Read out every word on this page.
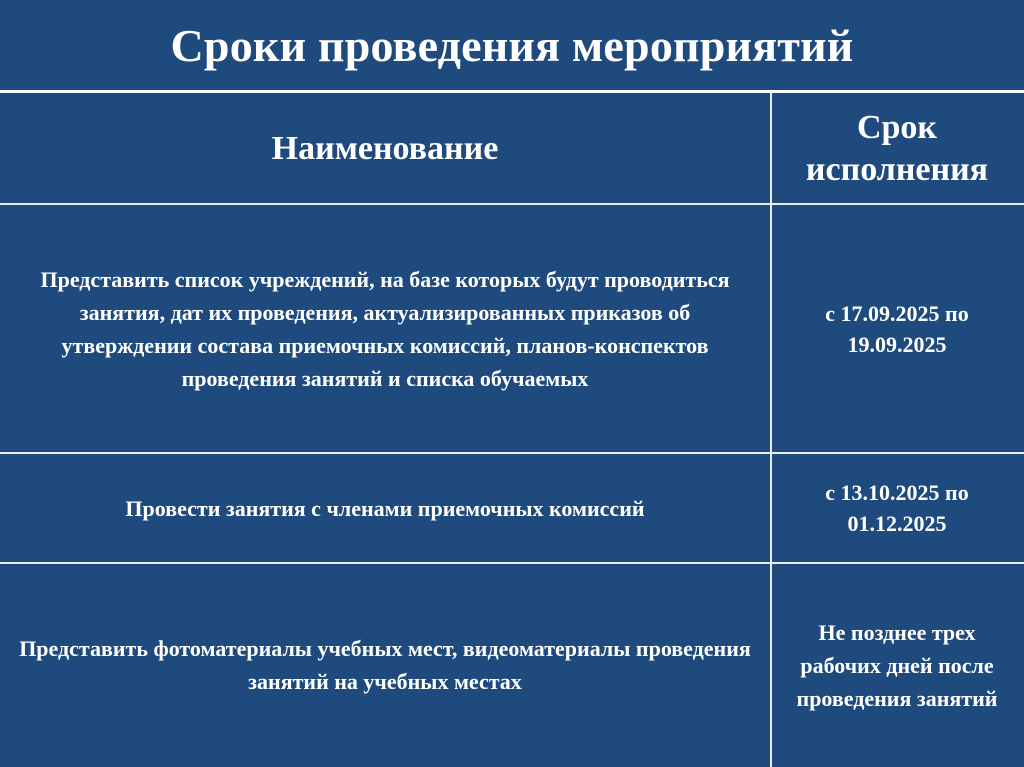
Сроки проведения мероприятий
Наименование
Срок исполнения
Представить список учреждений, на базе которых будут проводиться занятия, дат их проведения, актуализированных приказов об утверждении состава приемочных комиссий, планов-конспектов проведения занятий и списка обучаемых
с 17.09.2025 по 19.09.2025
Провести занятия с членами приемочных комиссий
с 13.10.2025 по 01.12.2025
Представить фотоматериалы учебных мест, видеоматериалы проведения занятий на учебных местах
Не позднее трех рабочих дней после проведения занятий
